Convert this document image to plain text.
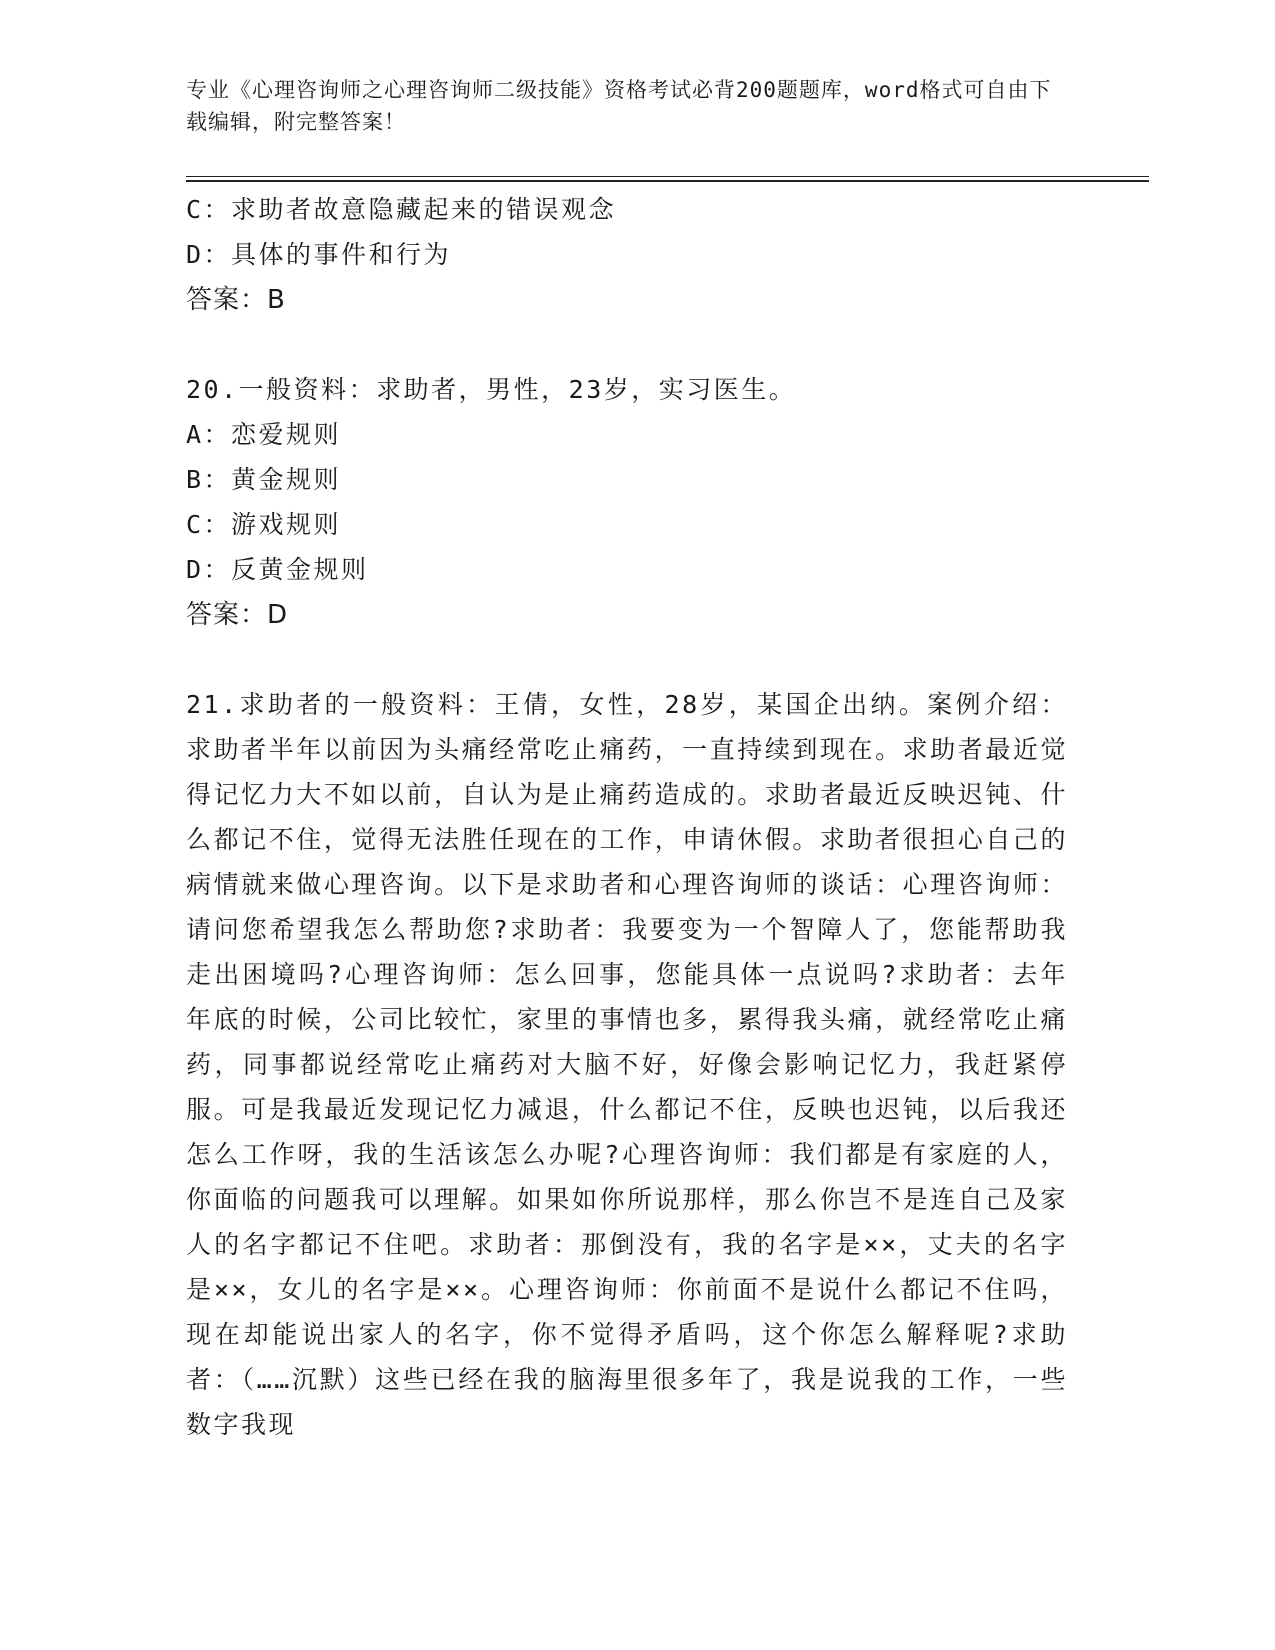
专业《心理咨询师之心理咨询师二级技能》资格考试必背200题题库，word格式可自由下载编辑，附完整答案！
C：求助者故意隐藏起来的错误观念
D：具体的事件和行为
答案：B
20.一般资料：求助者，男性，23岁，实习医生。
A：恋爱规则
B：黄金规则
C：游戏规则
D：反黄金规则
答案：D
21.求助者的一般资料：王倩，女性，28岁，某国企出纳。案例介绍：求助者半年以前因为头痛经常吃止痛药，一直持续到现在。求助者最近觉得记忆力大不如以前，自认为是止痛药造成的。求助者最近反映迟钝、什么都记不住，觉得无法胜任现在的工作，申请休假。求助者很担心自己的病情就来做心理咨询。以下是求助者和心理咨询师的谈话：心理咨询师：请问您希望我怎么帮助您?求助者：我要变为一个智障人了，您能帮助我走出困境吗?心理咨询师：怎么回事，您能具体一点说吗?求助者：去年年底的时候，公司比较忙，家里的事情也多，累得我头痛，就经常吃止痛药，同事都说经常吃止痛药对大脑不好，好像会影响记忆力，我赶紧停服。可是我最近发现记忆力减退，什么都记不住，反映也迟钝，以后我还怎么工作呀，我的生活该怎么办呢?心理咨询师：我们都是有家庭的人，你面临的问题我可以理解。如果如你所说那样，那么你岂不是连自己及家人的名字都记不住吧。求助者：那倒没有，我的名字是××，丈夫的名字是××，女儿的名字是××。心理咨询师：你前面不是说什么都记不住吗，现在却能说出家人的名字，你不觉得矛盾吗，这个你怎么解释呢?求助者：（……沉默）这些已经在我的脑海里很多年了，我是说我的工作，一些数字我现
